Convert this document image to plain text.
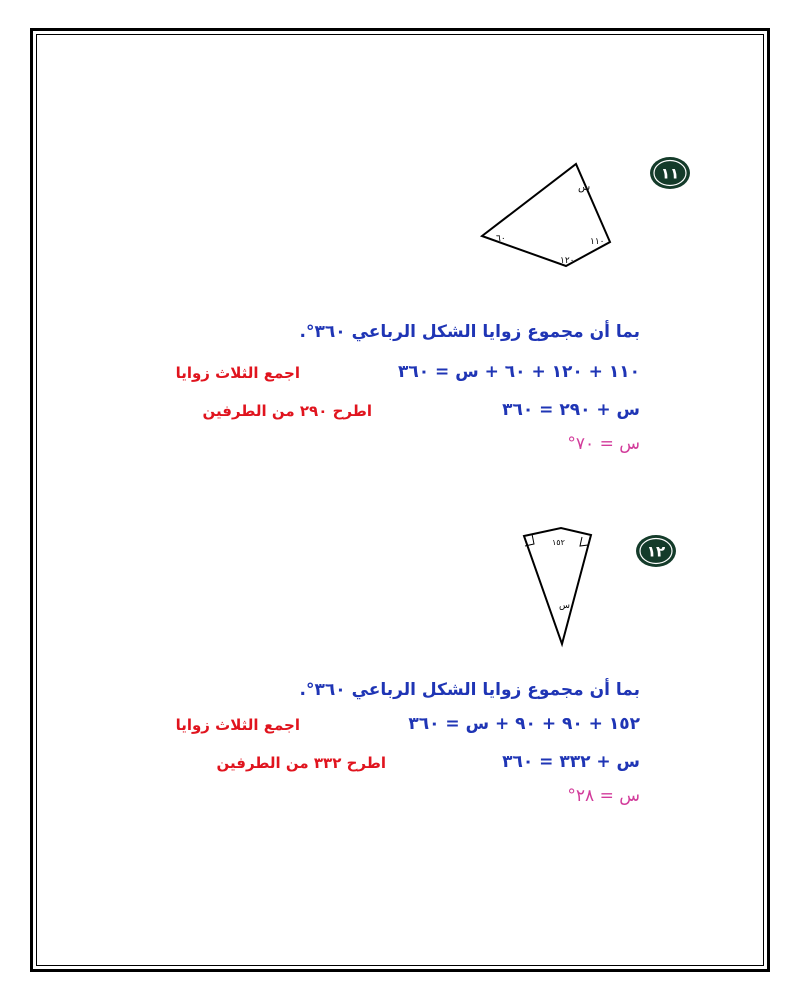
١١
س
١١٠
١٢٠
٦٠
بما أن مجموع زوايا الشكل الرباعي ٣٦٠°.
١١٠ + ١٢٠ + ٦٠ + س = ٣٦٠
اجمع الثلاث زوايا
س + ٢٩٠ = ٣٦٠
اطرح ٢٩٠ من الطرفين
س = ٧٠°
١٢
١٥٢
س
بما أن مجموع زوايا الشكل الرباعي ٣٦٠°.
١٥٢ + ٩٠ + ٩٠ + س = ٣٦٠
اجمع الثلاث زوايا
س + ٣٣٢ = ٣٦٠
اطرح ٣٣٢ من الطرفين
س = ٢٨°
